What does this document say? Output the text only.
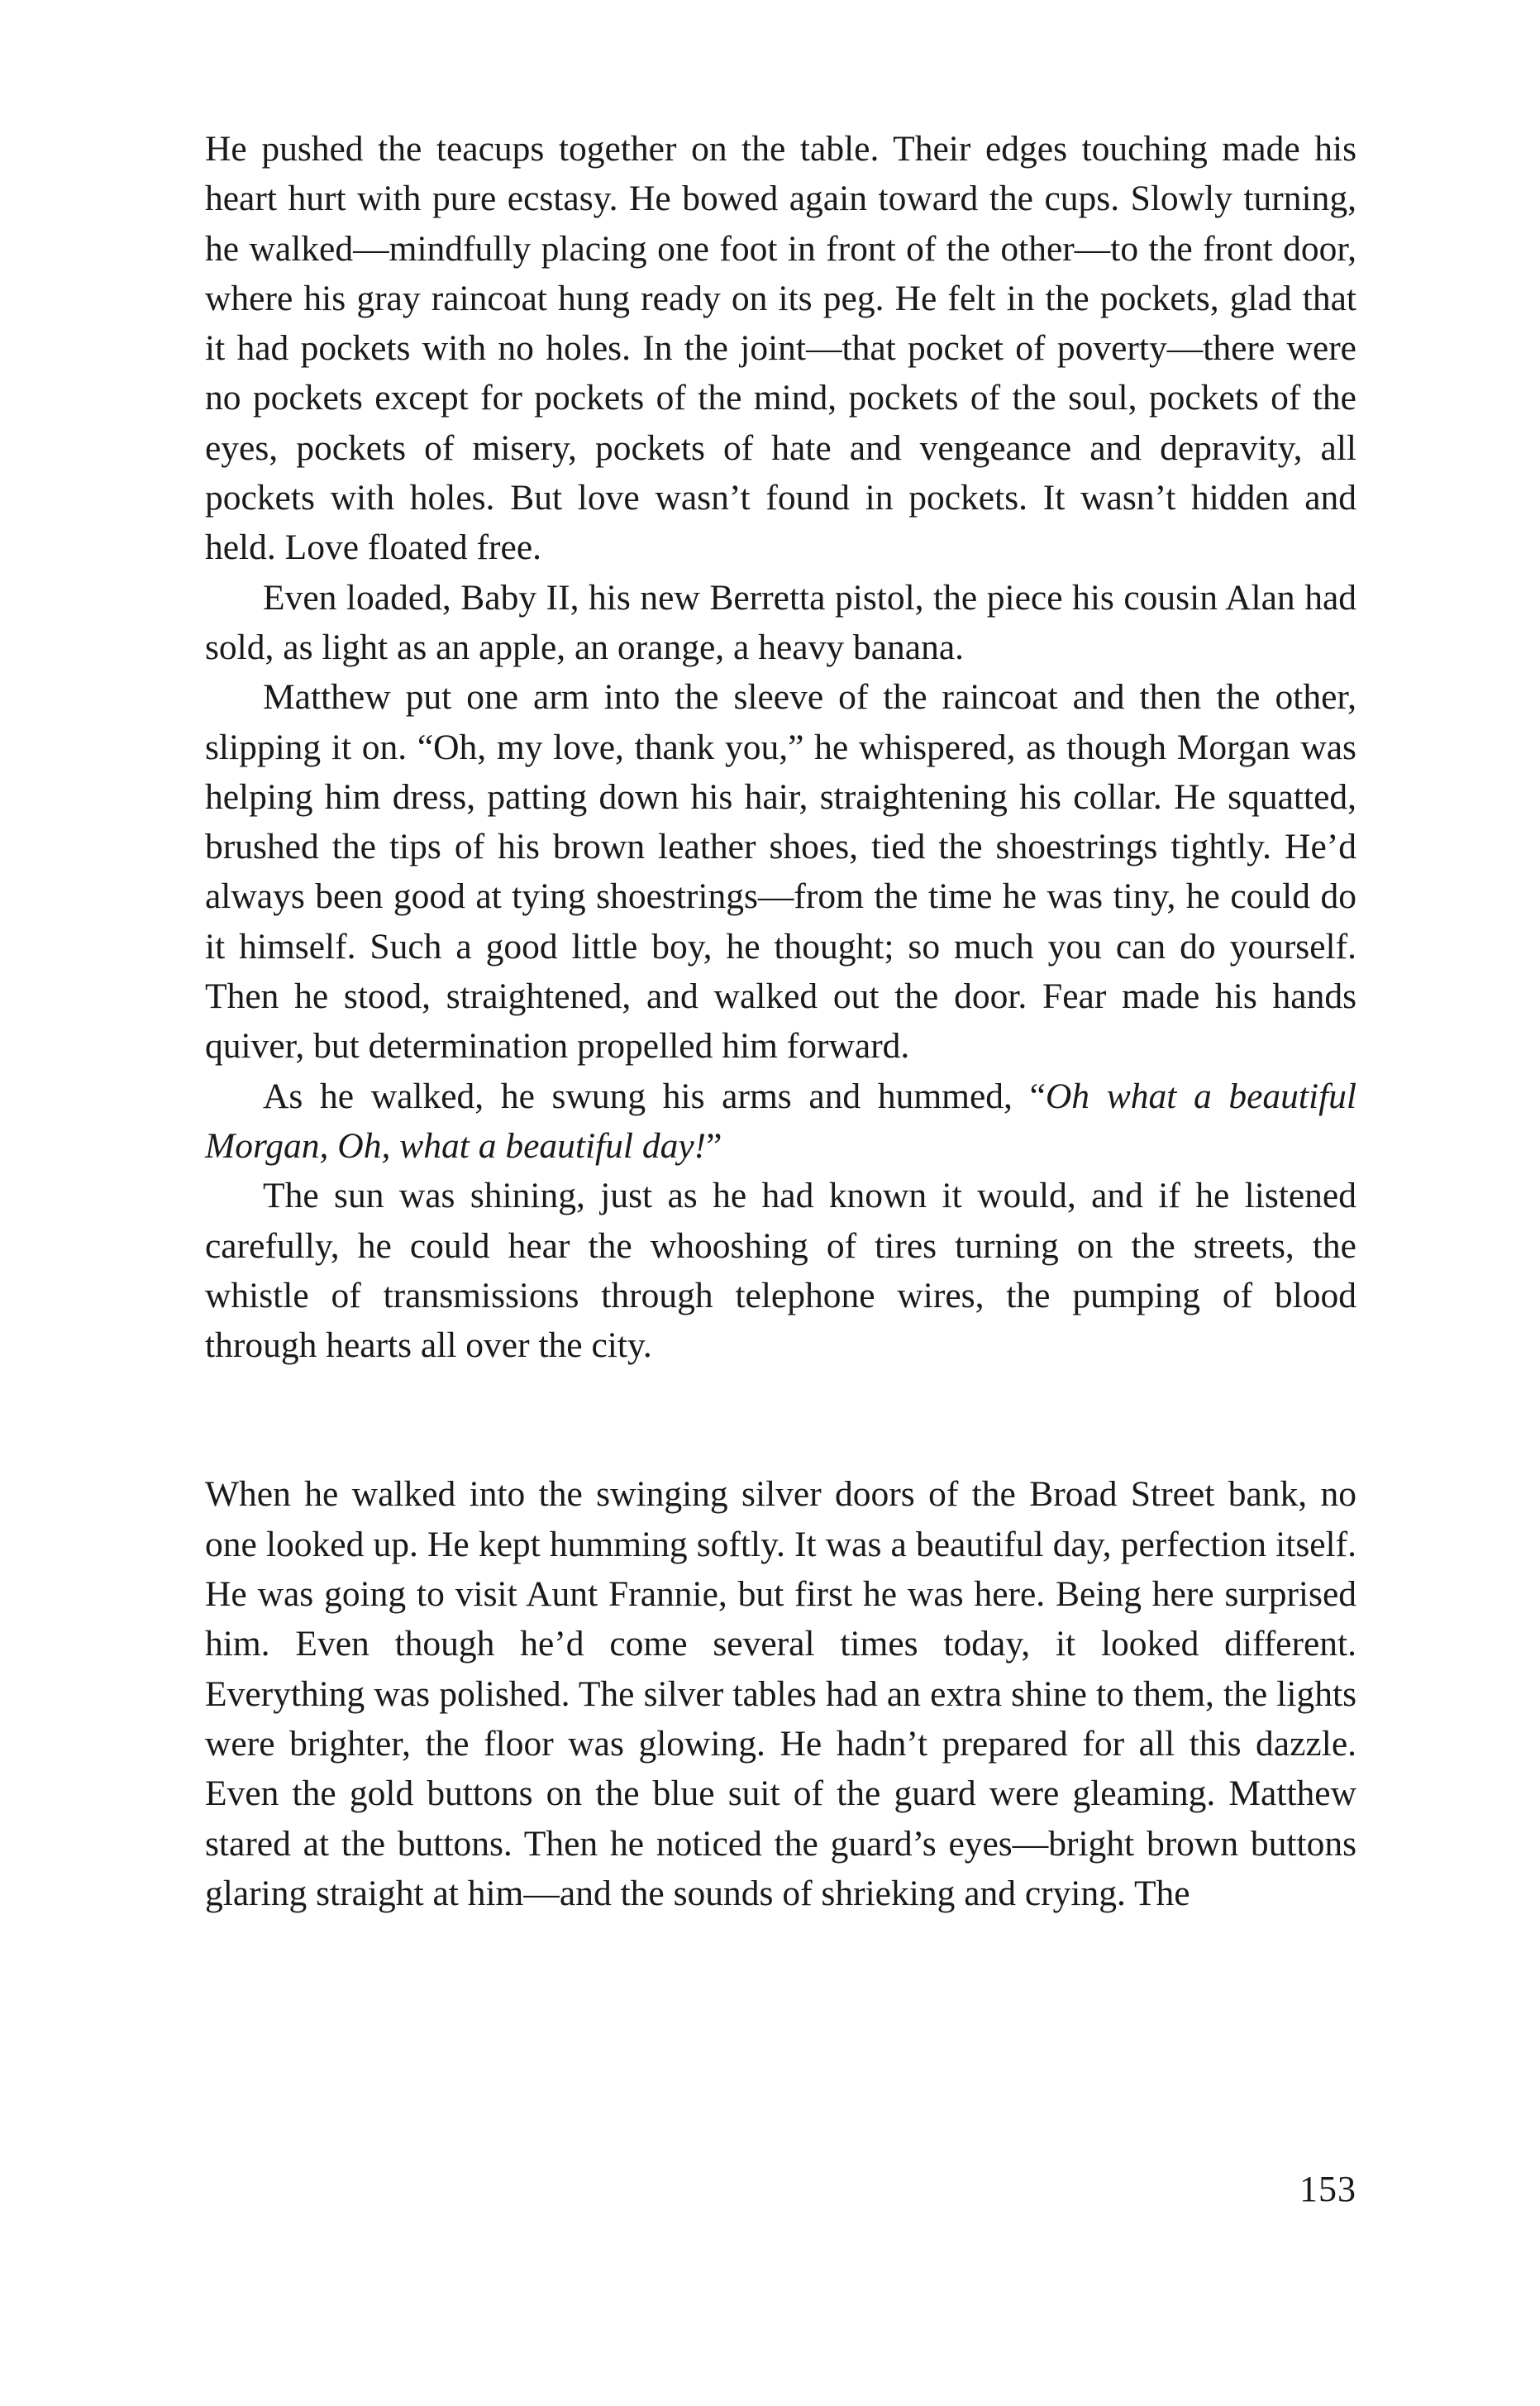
He pushed the teacups together on the table. Their edges touching made his heart hurt with pure ecstasy. He bowed again toward the cups. Slowly turning, he walked—mindfully placing one foot in front of the other—to the front door, where his gray raincoat hung ready on its peg. He felt in the pockets, glad that it had pockets with no holes. In the joint—that pocket of poverty—there were no pockets except for pockets of the mind, pockets of the soul, pockets of the eyes, pockets of misery, pockets of hate and vengeance and depravity, all pockets with holes. But love wasn’t found in pockets. It wasn’t hidden and held. Love floated free.

Even loaded, Baby II, his new Berretta pistol, the piece his cousin Alan had sold, as light as an apple, an orange, a heavy banana.

Matthew put one arm into the sleeve of the raincoat and then the other, slipping it on. “Oh, my love, thank you,” he whispered, as though Morgan was helping him dress, patting down his hair, straightening his collar. He squatted, brushed the tips of his brown leather shoes, tied the shoestrings tightly. He’d always been good at tying shoestrings—from the time he was tiny, he could do it himself. Such a good little boy, he thought; so much you can do yourself. Then he stood, straightened, and walked out the door. Fear made his hands quiver, but determination propelled him forward.

As he walked, he swung his arms and hummed, “Oh what a beautiful Morgan, Oh, what a beautiful day!”

The sun was shining, just as he had known it would, and if he listened carefully, he could hear the whooshing of tires turning on the streets, the whistle of transmissions through telephone wires, the pumping of blood through hearts all over the city.

When he walked into the swinging silver doors of the Broad Street bank, no one looked up. He kept humming softly. It was a beautiful day, perfection itself. He was going to visit Aunt Frannie, but first he was here. Being here surprised him. Even though he’d come several times today, it looked different. Everything was polished. The silver tables had an extra shine to them, the lights were brighter, the floor was glowing. He hadn’t prepared for all this dazzle. Even the gold buttons on the blue suit of the guard were gleaming. Matthew stared at the buttons. Then he noticed the guard’s eyes—bright brown buttons glaring straight at him—and the sounds of shrieking and crying. The

153
